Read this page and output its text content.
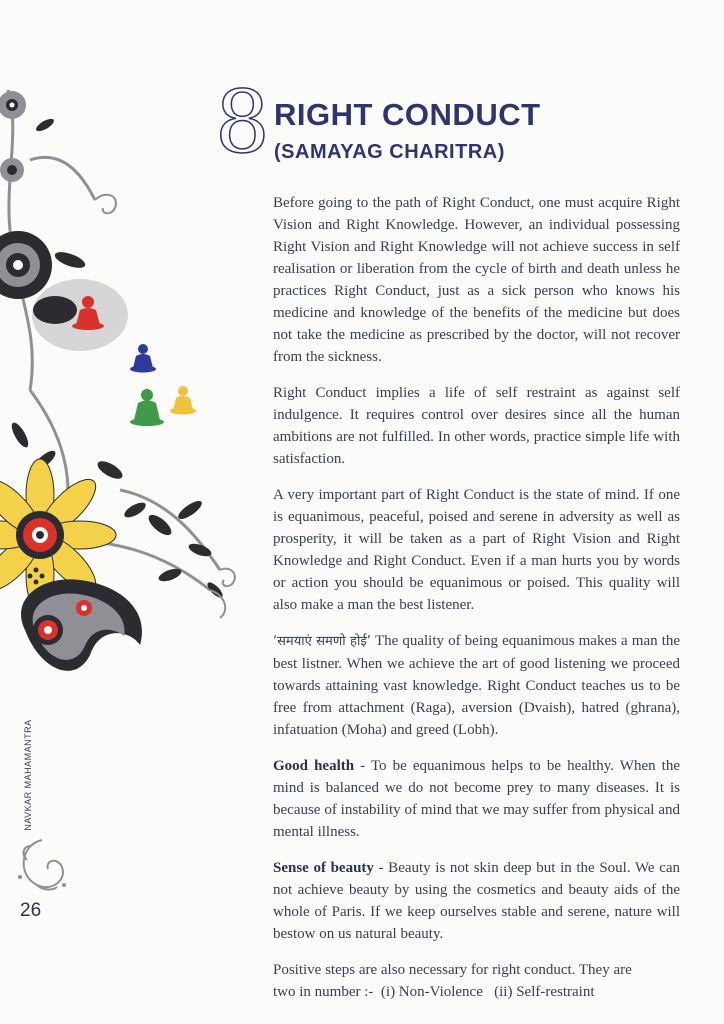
NAVKAR MAHAMANTRA
26
8 RIGHT CONDUCT
(SAMAYAG CHARITRA)

Before going to the path of Right Conduct, one must acquire Right Vision and Right Knowledge. However, an individual possessing Right Vision and Right Knowledge will not achieve success in self realisation or liberation from the cycle of birth and death unless he practices Right Conduct, just as a sick person who knows his medicine and knowledge of the benefits of the medicine but does not take the medicine as prescribed by the doctor, will not recover from the sickness.

Right Conduct implies a life of self restraint as against self indulgence. It requires control over desires since all the human ambitions are not fulfilled. In other words, practice simple life with satisfaction.

A very important part of Right Conduct is the state of mind. If one is equanimous, peaceful, poised and serene in adversity as well as prosperity, it will be taken as a part of Right Vision and Right Knowledge and Right Conduct. Even if a man hurts you by words or action you should be equanimous or poised. This quality will also make a man the best listener.

‘समयाएं समणो होई’ The quality of being equanimous makes a man the best listner. When we achieve the art of good listening we proceed towards attaining vast knowledge. Right Conduct teaches us to be free from attachment (Raga), aversion (Dvaish), hatred (ghrana), infatuation (Moha) and greed (Lobh).

Good health - To be equanimous helps to be healthy. When the mind is balanced we do not become prey to many diseases. It is because of instability of mind that we may suffer from physical and mental illness.

Sense of beauty - Beauty is not skin deep but in the Soul. We can not achieve beauty by using the cosmetics and beauty aids of the whole of Paris. If we keep ourselves stable and serene, nature will bestow on us natural beauty.

Positive steps are also necessary for right conduct. They are
two in number :-  (i) Non-Violence   (ii) Self-restraint
